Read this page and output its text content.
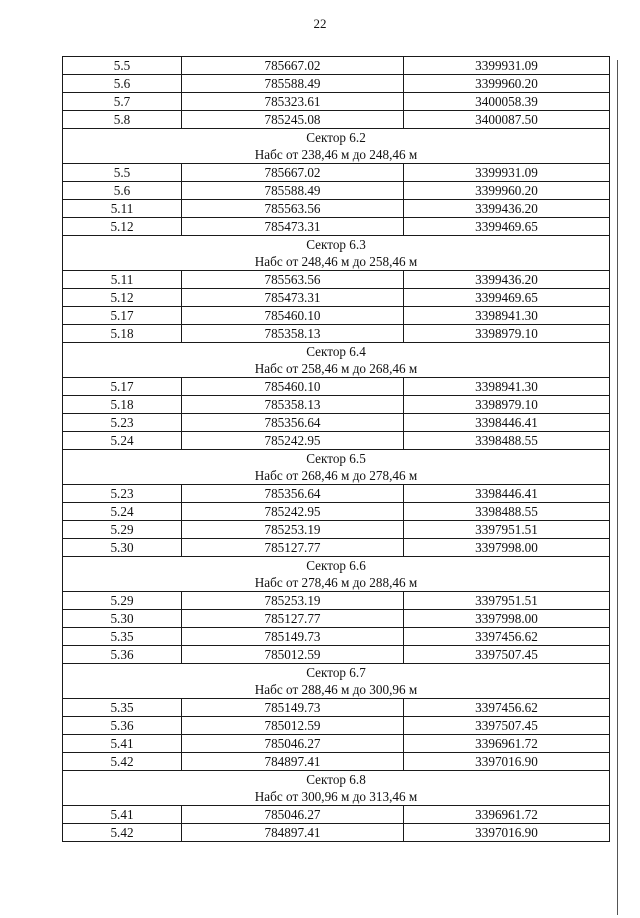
22
5.5	785667.02	3399931.09
5.6	785588.49	3399960.20
5.7	785323.61	3400058.39
5.8	785245.08	3400087.50
Сектор 6.2		
Набс от 238,46 м до 248,46 м		
5.5	785667.02	3399931.09
5.6	785588.49	3399960.20
5.11	785563.56	3399436.20
5.12	785473.31	3399469.65
Сектор 6.3		
Набс от 248,46 м до 258,46 м		
5.11	785563.56	3399436.20
5.12	785473.31	3399469.65
5.17	785460.10	3398941.30
5.18	785358.13	3398979.10
Сектор 6.4		
Набс от 258,46 м до 268,46 м		
5.17	785460.10	3398941.30
5.18	785358.13	3398979.10
5.23	785356.64	3398446.41
5.24	785242.95	3398488.55
Сектор 6.5		
Набс от 268,46 м до 278,46 м		
5.23	785356.64	3398446.41
5.24	785242.95	3398488.55
5.29	785253.19	3397951.51
5.30	785127.77	3397998.00
Сектор 6.6		
Набс от 278,46 м до 288,46 м		
5.29	785253.19	3397951.51
5.30	785127.77	3397998.00
5.35	785149.73	3397456.62
5.36	785012.59	3397507.45
Сектор 6.7		
Набс от 288,46 м до 300,96 м		
5.35	785149.73	3397456.62
5.36	785012.59	3397507.45
5.41	785046.27	3396961.72
5.42	784897.41	3397016.90
Сектор 6.8		
Набс от 300,96 м до 313,46 м		
5.41	785046.27	3396961.72
5.42	784897.41	3397016.90
